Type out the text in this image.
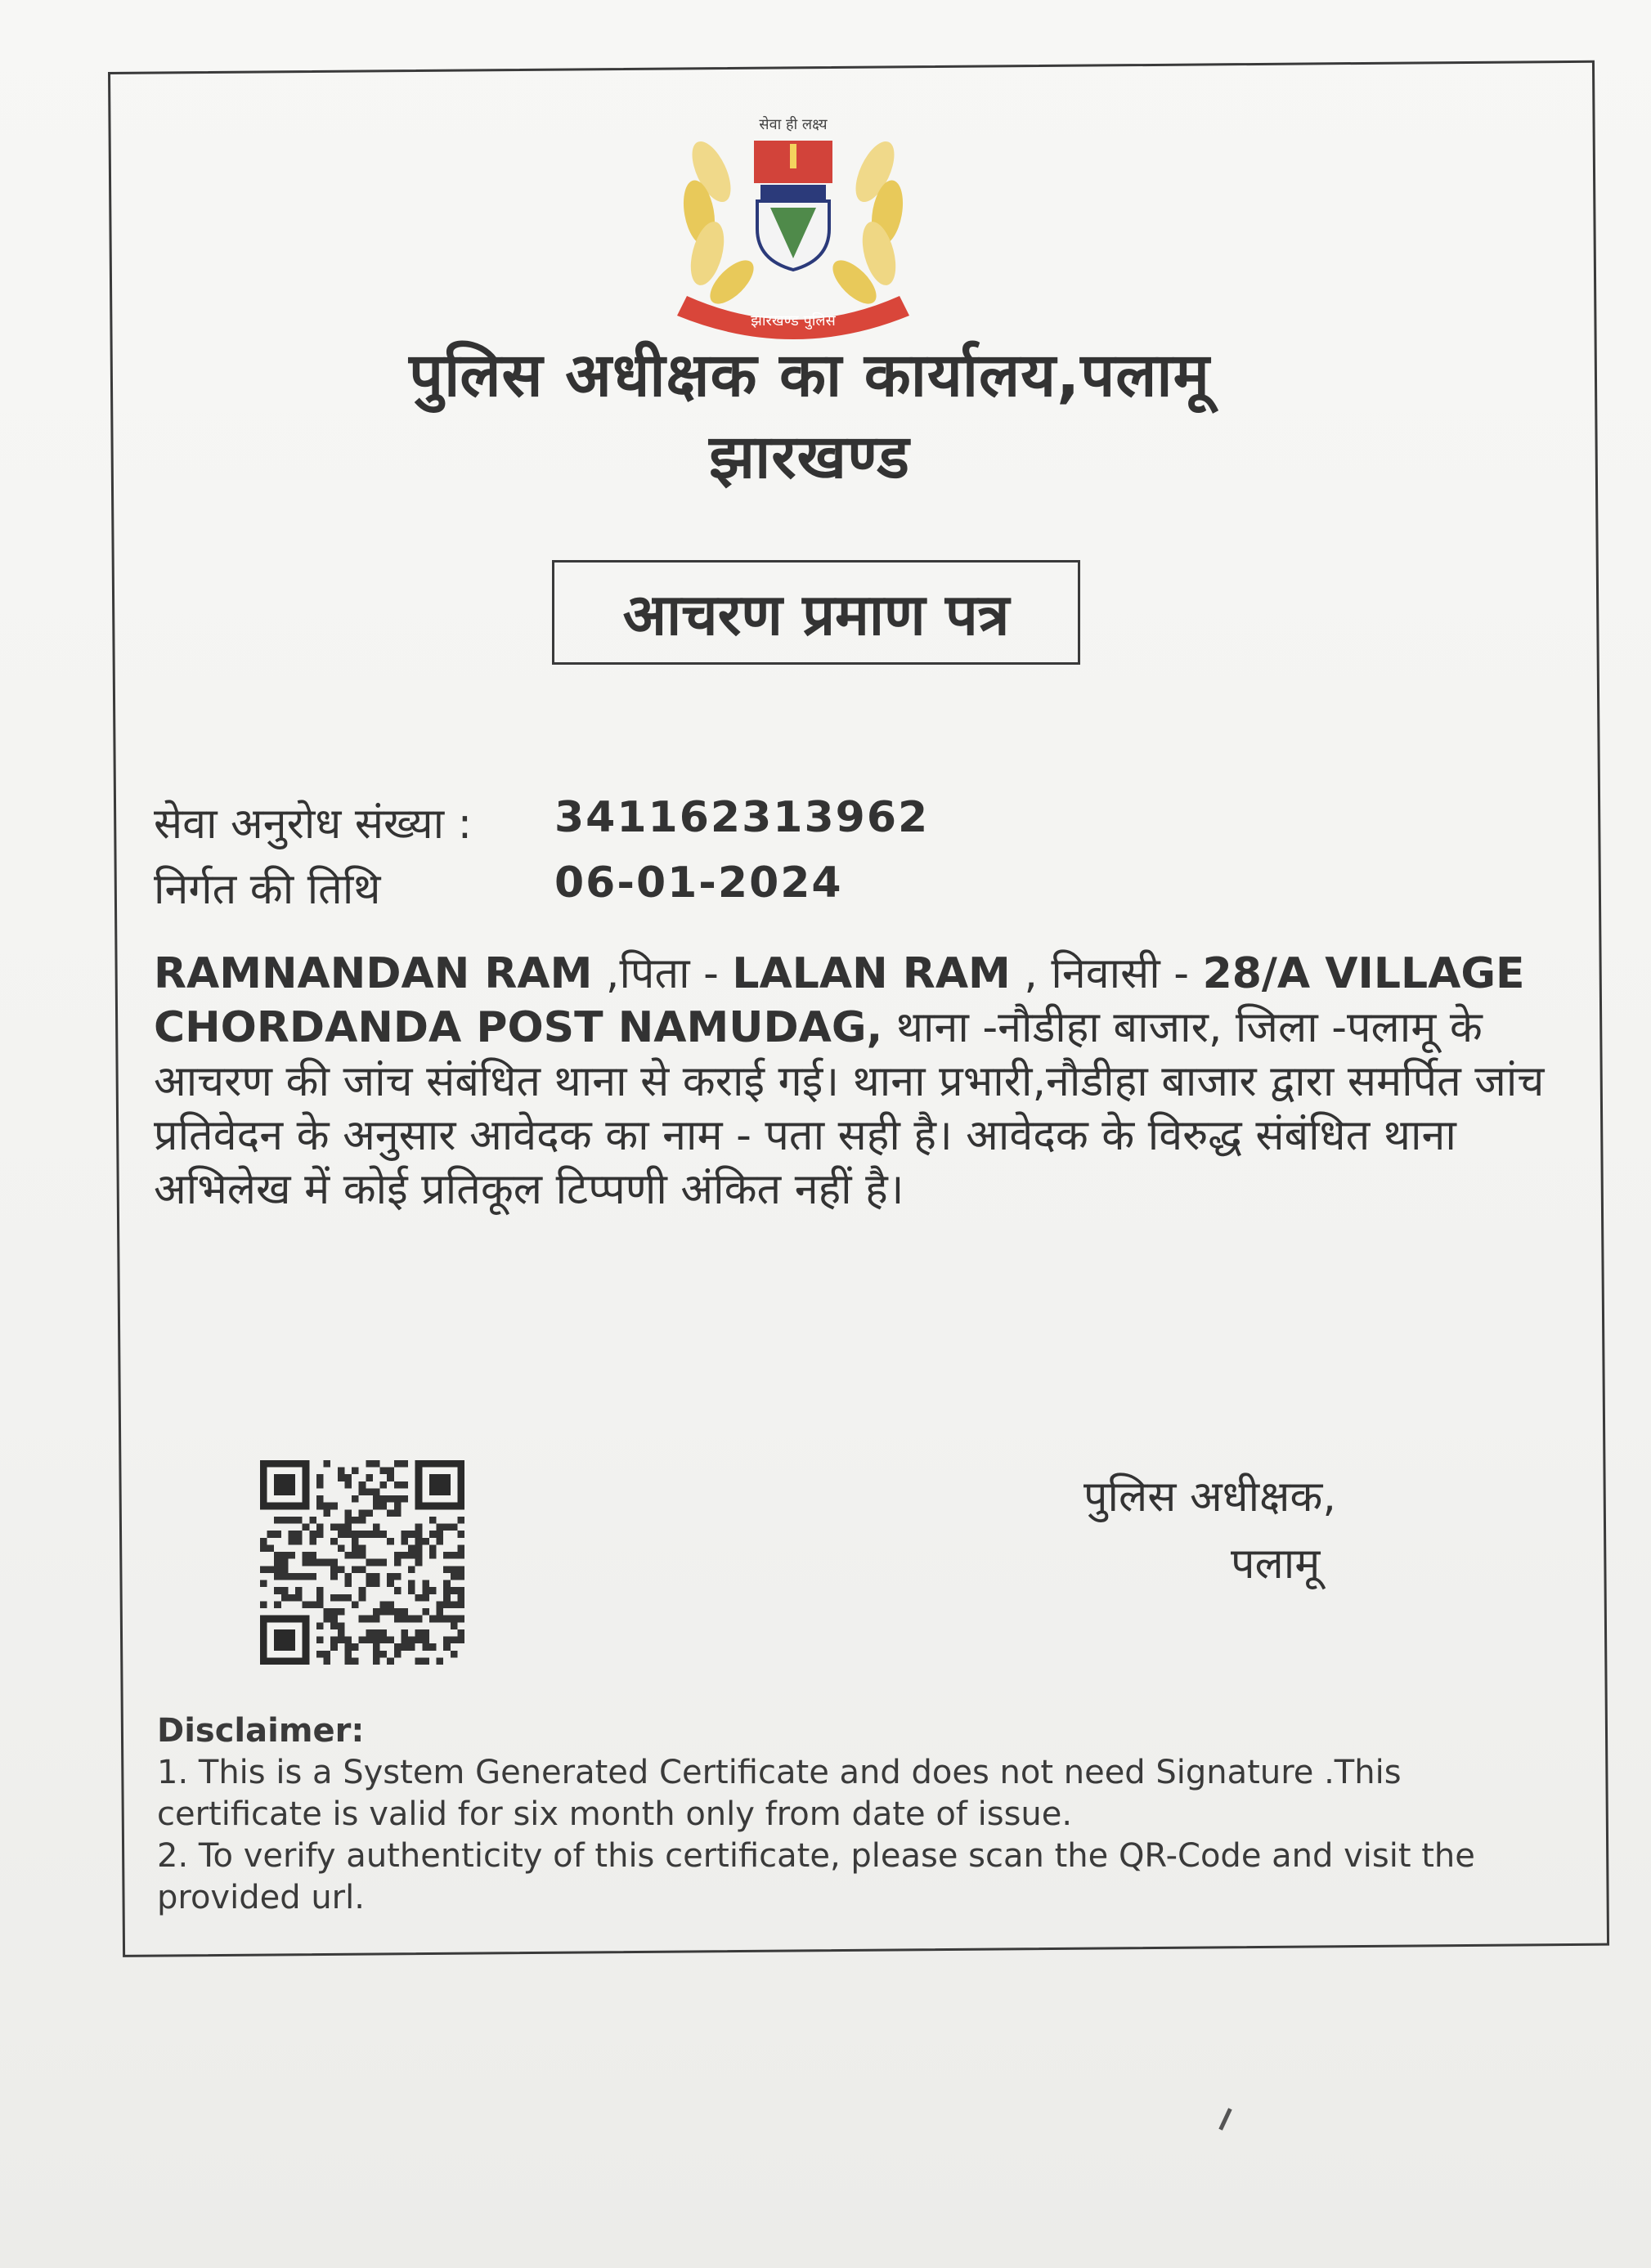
सेवा ही लक्ष्य
झारखण्ड पुलिस
पुलिस अधीक्षक का कार्यालय,पलामू
झारखण्ड
आचरण प्रमाण पत्र
सेवा अनुरोध संख्या : 341162313962
निर्गत की तिथि	06-01-2024
RAMNANDAN RAM ,पिता - LALAN RAM , निवासी - 28/A VILLAGE CHORDANDA POST NAMUDAG, थाना -नौडीहा बाजार, जिला -पलामू के आचरण की जांच संबंधित थाना से कराई गई। थाना प्रभारी,नौडीहा बाजार द्वारा समर्पित जांच प्रतिवेदन के अनुसार आवेदक का नाम - पता सही है। आवेदक के विरुद्ध संबंधित थाना अभिलेख में कोई प्रतिकूल टिप्पणी अंकित नहीं है।
पुलिस अधीक्षक,
पलामू
Disclaimer:
1. This is a System Generated Certificate and does not need Signature .This certificate is valid for six month only from date of issue.
2. To verify authenticity of this certificate, please scan the QR-Code and visit the provided url.
